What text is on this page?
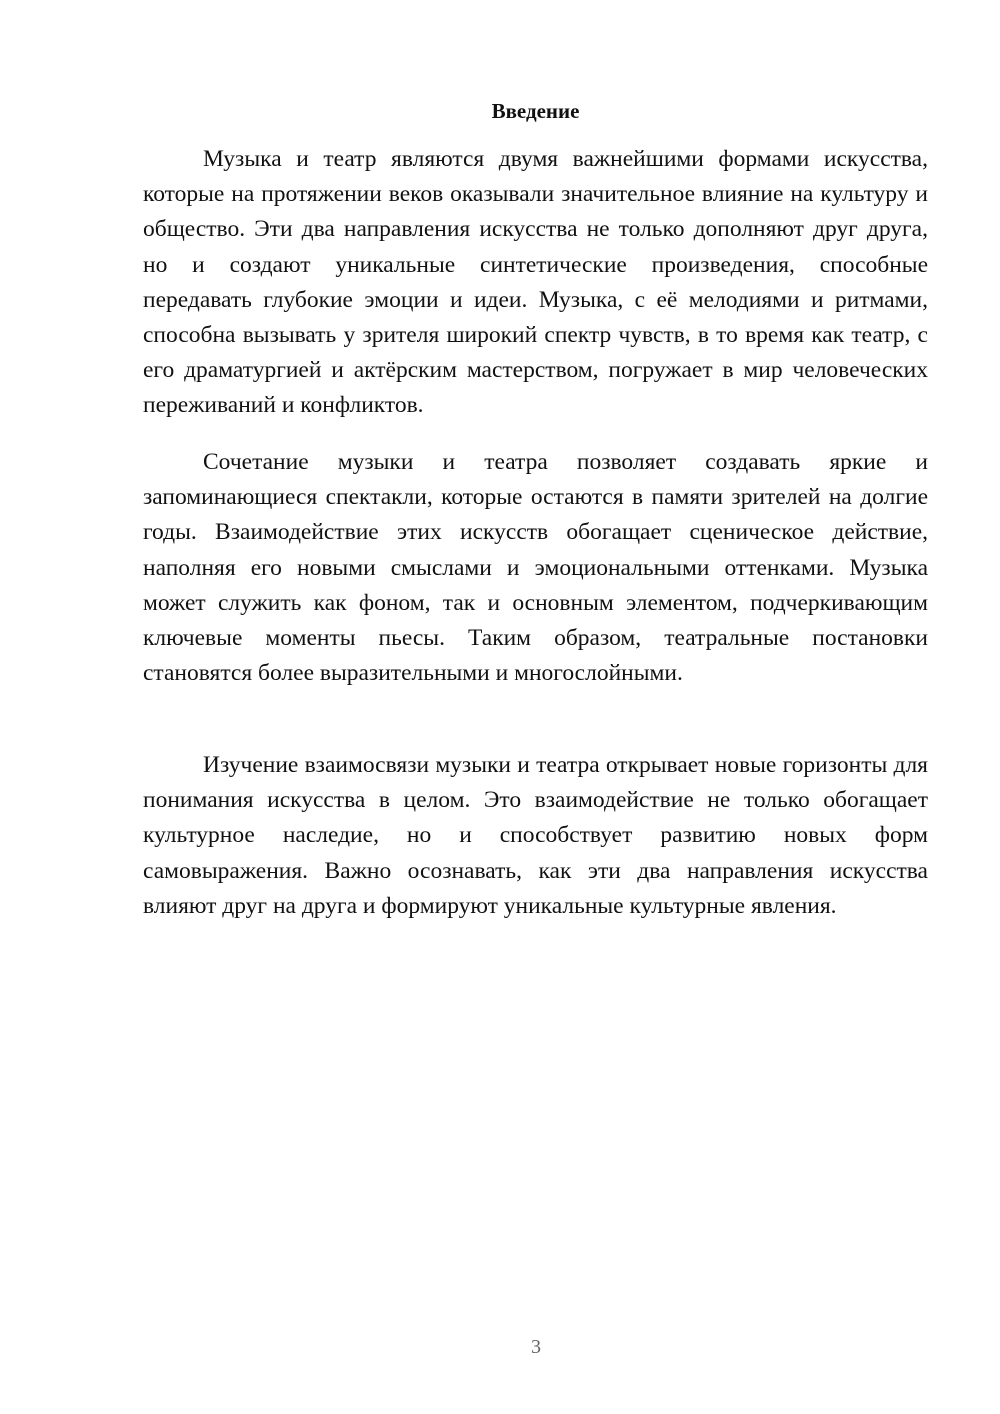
Введение

Музыка и театр являются двумя важнейшими формами искусства, которые на протяжении веков оказывали значительное влияние на культуру и общество. Эти два направления искусства не только дополняют друг друга, но и создают уникальные синтетические произведения, способные передавать глубокие эмоции и идеи. Музыка, с её мелодиями и ритмами, способна вызывать у зрителя широкий спектр чувств, в то время как театр, с его драматургией и актёрским мастерством, погружает в мир человеческих переживаний и конфликтов.

Сочетание музыки и театра позволяет создавать яркие и запоминающиеся спектакли, которые остаются в памяти зрителей на долгие годы. Взаимодействие этих искусств обогащает сценическое действие, наполняя его новыми смыслами и эмоциональными оттенками. Музыка может служить как фоном, так и основным элементом, подчеркивающим ключевые моменты пьесы. Таким образом, театральные постановки становятся более выразительными и многослойными.

Изучение взаимосвязи музыки и театра открывает новые горизонты для понимания искусства в целом. Это взаимодействие не только обогащает культурное наследие, но и способствует развитию новых форм самовыражения. Важно осознавать, как эти два направления искусства влияют друг на друга и формируют уникальные культурные явления.

3
